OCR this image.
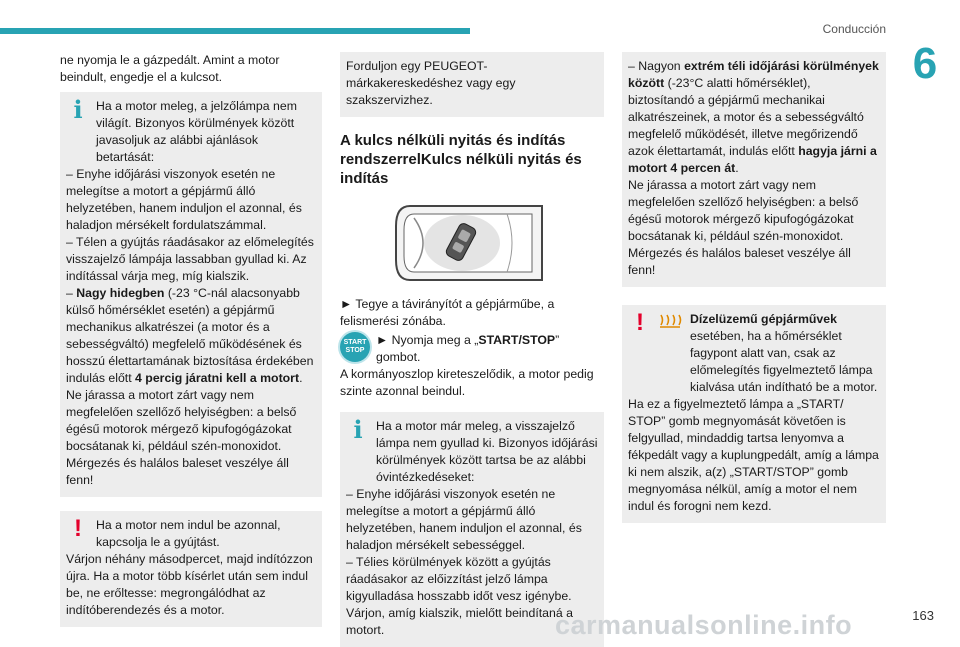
Conducción
6

ne nyomja le a gázpedált. Amint a motor beindult, engedje el a kulcsot.

i	Ha a motor meleg, a jelzőlámpa nem világít. Bizonyos körülmények között javasoljuk az alábbi ajánlások betartását:

– Enyhe időjárási viszonyok esetén ne melegítse a motort a gépjármű álló helyzetében, hanem induljon el azonnal, és haladjon mérsékelt fordulatszámmal.

– Télen a gyújtás ráadásakor az előmelegítés visszajelző lámpája lassabban gyullad ki. Az indítással várja meg, míg kialszik.

– Nagy hidegben (-23 °C-nál alacsonyabb külső hőmérséklet esetén) a gépjármű mechanikus alkatrészei (a motor és a sebességváltó) megfelelő működésének és hosszú élettartamának biztosítása érdekében indulás előtt 4 percig járatni kell a motort.

Ne járassa a motort zárt vagy nem megfelelően szellőző helyiségben: a belső égésű motorok mérgező kipufogógázokat bocsátanak ki, például szén-monoxidot. Mérgezés és halálos baleset veszélye áll fenn!

!	Ha a motor nem indul be azonnal, kapcsolja le a gyújtást.

Várjon néhány másodpercet, majd indítózzon újra. Ha a motor több kísérlet után sem indul be, ne erőltesse: megrongálódhat az indítóberendezés és a motor.

Forduljon egy PEUGEOT-márkakereskedéshez vagy egy szakszervizhez.

A kulcs nélküli nyitás és indítás rendszerrelKulcs nélküli nyitás és indítás

► Tegye a távirányítót a gépjárműbe, a felismerési zónába.

START
STOP

► Nyomja meg a „START/STOP” gombot.

A kormányoszlop kireteszelődik, a motor pedig szinte azonnal beindul.

i	Ha a motor már meleg, a visszajelző lámpa nem gyullad ki. Bizonyos időjárási körülmények között tartsa be az alábbi óvintézkedéseket:

– Enyhe időjárási viszonyok esetén ne melegítse a motort a gépjármű álló helyzetében, hanem induljon el azonnal, és haladjon mérsékelt sebességgel.

– Télies körülmények között a gyújtás ráadásakor az előizzítást jelző lámpa kigyulladása hosszabb időt vesz igénybe. Várjon, amíg kialszik, mielőtt beindítaná a motort.

– Nagyon extrém téli időjárási körülmények között (-23°C alatti hőmérséklet), biztosítandó a gépjármű mechanikai alkatrészeinek, a motor és a sebességváltó megfelelő működését, illetve megőrizendő azok élettartamát, indulás előtt hagyja járni a motort 4 percen át.

Ne járassa a motort zárt vagy nem megfelelően szellőző helyiségben: a belső égésű motorok mérgező kipufogógázokat bocsátanak ki, például szén-monoxidot. Mérgezés és halálos baleset veszélye áll fenn!

!	Dízelüzemű gépjárművek
esetében, ha a hőmérséklet fagypont alatt van, csak az előmelegítés figyelmeztető lámpa kialvása után indítható be a motor.

Ha ez a figyelmeztető lámpa a „START/ STOP” gomb megnyomását követően is felgyullad, mindaddig tartsa lenyomva a fékpedált vagy a kuplungpedált, amíg a lámpa ki nem alszik, a(z) „START/STOP” gomb megnyomása nélkül, amíg a motor el nem indul és forogni nem kezd.

carmanualsonline.info	163
